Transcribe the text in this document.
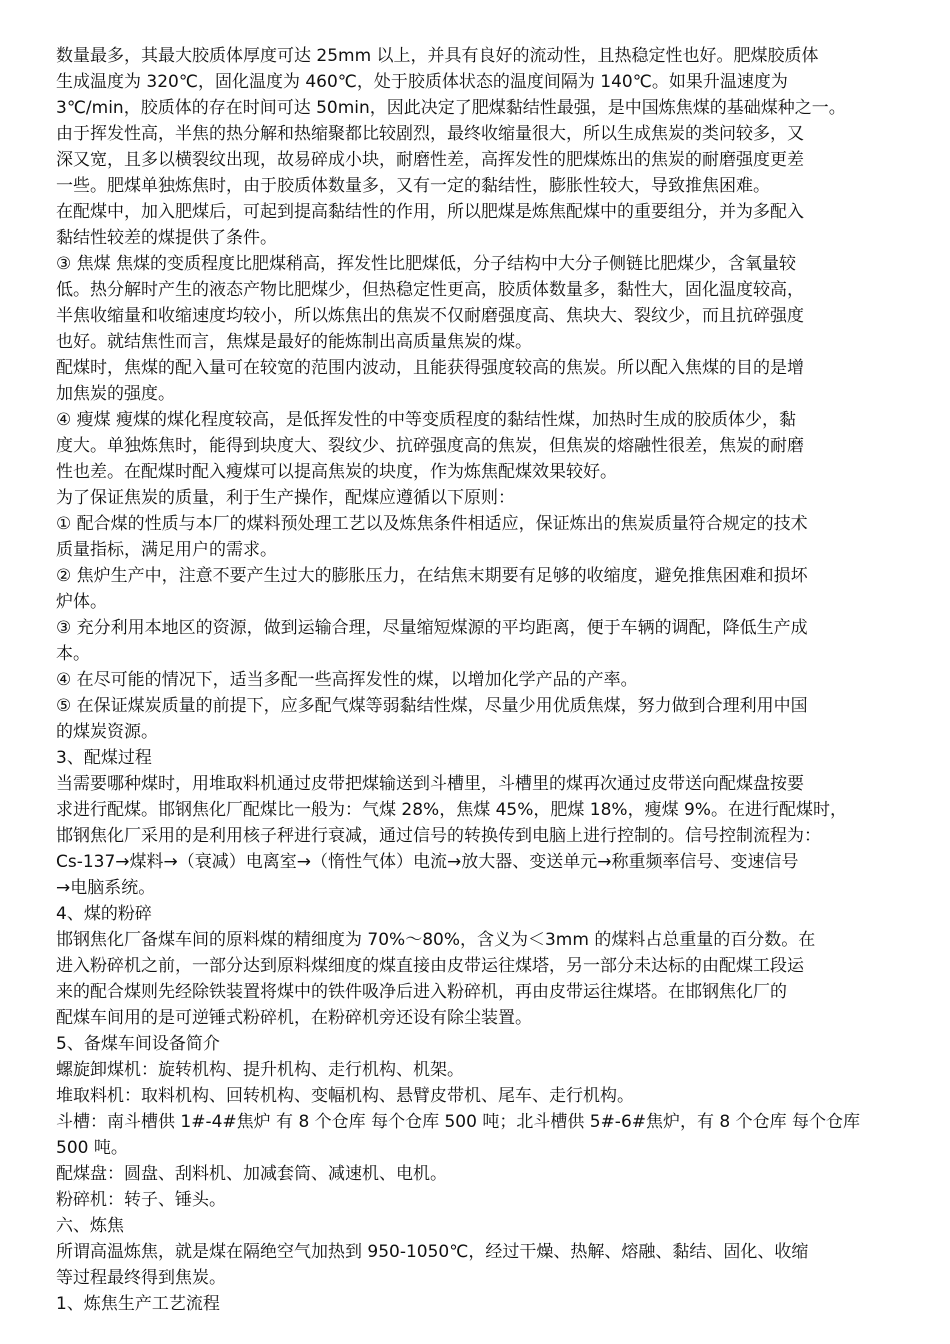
数量最多，其最大胶质体厚度可达 25mm 以上，并具有良好的流动性，且热稳定性也好。肥煤胶质体
生成温度为 320℃，固化温度为 460℃，处于胶质体状态的温度间隔为 140℃。如果升温速度为
3℃/min，胶质体的存在时间可达 50min，因此决定了肥煤黏结性最强，是中国炼焦煤的基础煤种之一。
由于挥发性高，半焦的热分解和热缩聚都比较剧烈，最终收缩量很大，所以生成焦炭的类问较多，又
深又宽，且多以横裂纹出现，故易碎成小块，耐磨性差，高挥发性的肥煤炼出的焦炭的耐磨强度更差
一些。肥煤单独炼焦时，由于胶质体数量多，又有一定的黏结性，膨胀性较大，导致推焦困难。
在配煤中，加入肥煤后，可起到提高黏结性的作用，所以肥煤是炼焦配煤中的重要组分，并为多配入
黏结性较差的煤提供了条件。
③ 焦煤 焦煤的变质程度比肥煤稍高，挥发性比肥煤低，分子结构中大分子侧链比肥煤少，含氧量较
低。热分解时产生的液态产物比肥煤少，但热稳定性更高，胶质体数量多，黏性大，固化温度较高，
半焦收缩量和收缩速度均较小，所以炼焦出的焦炭不仅耐磨强度高、焦块大、裂纹少，而且抗碎强度
也好。就结焦性而言，焦煤是最好的能炼制出高质量焦炭的煤。
配煤时，焦煤的配入量可在较宽的范围内波动，且能获得强度较高的焦炭。所以配入焦煤的目的是增
加焦炭的强度。
④ 瘦煤 瘦煤的煤化程度较高，是低挥发性的中等变质程度的黏结性煤，加热时生成的胶质体少，黏
度大。单独炼焦时，能得到块度大、裂纹少、抗碎强度高的焦炭，但焦炭的熔融性很差，焦炭的耐磨
性也差。在配煤时配入瘦煤可以提高焦炭的块度，作为炼焦配煤效果较好。
为了保证焦炭的质量，利于生产操作，配煤应遵循以下原则：
① 配合煤的性质与本厂的煤料预处理工艺以及炼焦条件相适应，保证炼出的焦炭质量符合规定的技术
质量指标，满足用户的需求。
② 焦炉生产中，注意不要产生过大的膨胀压力，在结焦末期要有足够的收缩度，避免推焦困难和损坏
炉体。
③ 充分利用本地区的资源，做到运输合理，尽量缩短煤源的平均距离，便于车辆的调配，降低生产成
本。
④ 在尽可能的情况下，适当多配一些高挥发性的煤，以增加化学产品的产率。
⑤ 在保证煤炭质量的前提下，应多配气煤等弱黏结性煤，尽量少用优质焦煤，努力做到合理利用中国
的煤炭资源。
3、配煤过程
当需要哪种煤时，用堆取料机通过皮带把煤输送到斗槽里，斗槽里的煤再次通过皮带送向配煤盘按要
求进行配煤。邯钢焦化厂配煤比一般为：气煤 28%，焦煤 45%，肥煤 18%，瘦煤 9%。在进行配煤时，
邯钢焦化厂采用的是利用核子秤进行衰减，通过信号的转换传到电脑上进行控制的。信号控制流程为：
Cs-137→煤料→（衰减）电离室→（惰性气体）电流→放大器、变送单元→称重频率信号、变速信号
→电脑系统。
4、煤的粉碎
邯钢焦化厂备煤车间的原料煤的精细度为 70%～80%，含义为＜3mm 的煤料占总重量的百分数。在
进入粉碎机之前，一部分达到原料煤细度的煤直接由皮带运往煤塔，另一部分未达标的由配煤工段运
来的配合煤则先经除铁装置将煤中的铁件吸净后进入粉碎机，再由皮带运往煤塔。在邯钢焦化厂的
配煤车间用的是可逆锤式粉碎机，在粉碎机旁还设有除尘装置。
5、备煤车间设备简介
螺旋卸煤机：旋转机构、提升机构、走行机构、机架。
堆取料机：取料机构、回转机构、变幅机构、悬臂皮带机、尾车、走行机构。
斗槽：南斗槽供 1#-4#焦炉 有 8 个仓库 每个仓库 500 吨；北斗槽供 5#-6#焦炉，有 8 个仓库 每个仓库
500 吨。
配煤盘：圆盘、刮料机、加减套筒、减速机、电机。
粉碎机：转子、锤头。
六、炼焦
所谓高温炼焦，就是煤在隔绝空气加热到 950-1050℃，经过干燥、热解、熔融、黏结、固化、收缩
等过程最终得到焦炭。
1、炼焦生产工艺流程
